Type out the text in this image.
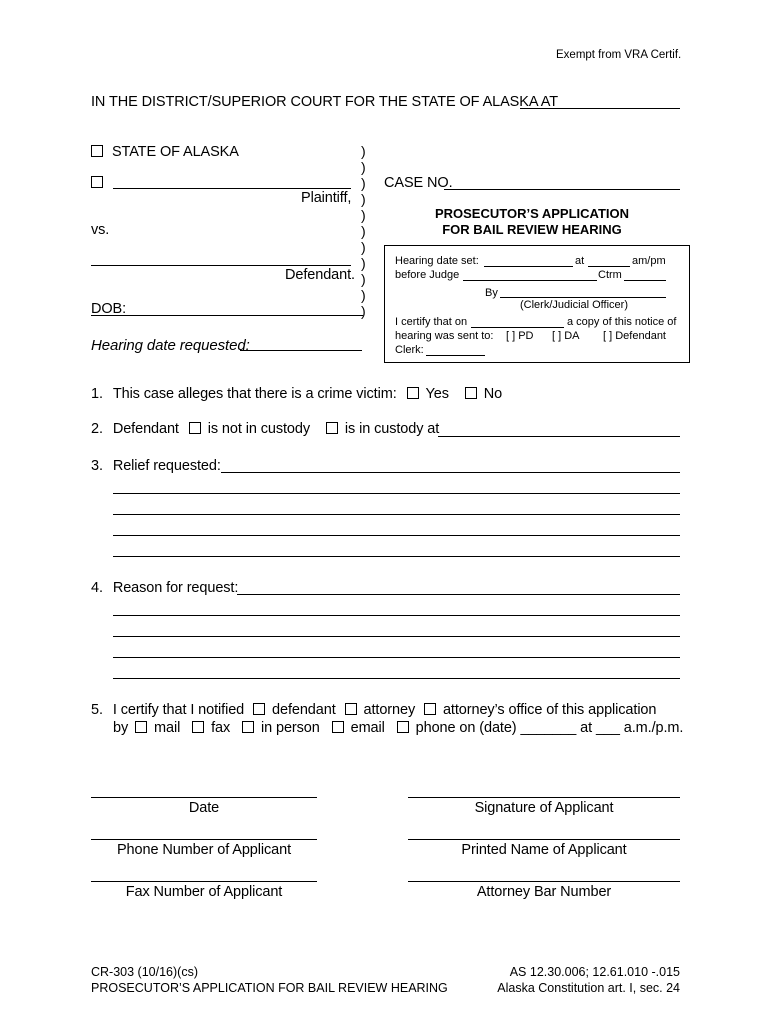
Exempt from VRA Certif.
IN THE DISTRICT/SUPERIOR COURT FOR THE STATE OF ALASKA AT
STATE OF ALASKA
Plaintiff,
vs.
Defendant.
DOB:
Hearing date requested:
)
)
)
)
)
)
)
)
)
)
)
CASE NO.
PROSECUTOR’S APPLICATION
FOR BAIL REVIEW HEARING
Hearing date set:	at	am/pm
before Judge	Ctrm
By
(Clerk/Judicial Officer)
I certify that on	a copy of this notice of
hearing was sent to: [ ] PD [ ] DA [ ] Defendant
Clerk:
1. This case alleges that there is a crime victim: Yes No
2. Defendant is not in custody is in custody at
3. Relief requested:
4. Reason for request:
5. I certify that I notified defendant attorney attorney’s office of this application
by mail fax in person email phone on (date) _______ at ___ a.m./p.m.
Date	Signature of Applicant
Phone Number of Applicant	Printed Name of Applicant
Fax Number of Applicant	Attorney Bar Number
CR-303 (10/16)(cs)
PROSECUTOR’S APPLICATION FOR BAIL REVIEW HEARING
AS 12.30.006; 12.61.010 -.015
Alaska Constitution art. I, sec. 24
